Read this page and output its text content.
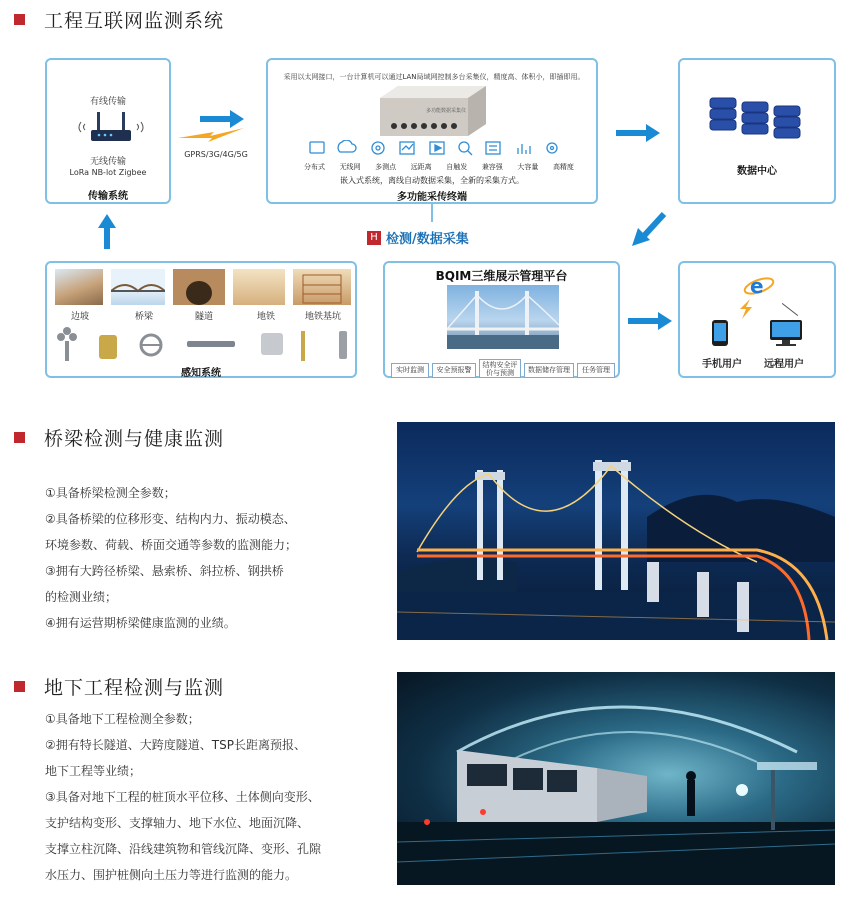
工程互联网监测系统
有线传输
无线传输
LoRa NB-lot Zigbee
传输系统
GPRS/3G/4G/5G
采用以太网接口，一台计算机可以通过LAN局域网控制多台采集仪，精度高、体积小，即插即用。
多功能数据采集仪
分布式 无线网 多测点 远距离 自触发 兼容强 大容量 高精度
嵌入式系统，离线自动数据采集，全新的采集方式。
多功能采传终端
数据中心
H 检测/数据采集
边坡	桥梁	隧道	地铁	地铁基坑
感知系统
BQIM三维展示管理平台
实时监测	安全预报警
结构安全评价与预测	数据储存管理	任务管理
e
手机用户 远程用户
桥梁检测与健康监测
①具备桥梁检测全参数；
②具备桥梁的位移形变、结构内力、振动模态、
环境参数、荷载、桥面交通等参数的监测能力；
③拥有大跨径桥梁、悬索桥、斜拉桥、钢拱桥
的检测业绩；
④拥有运营期桥梁健康监测的业绩。
地下工程检测与监测
①具备地下工程检测全参数；
②拥有特长隧道、大跨度隧道、TSP长距离预报、
地下工程等业绩；
③具备对地下工程的桩顶水平位移、土体侧向变形、
支护结构变形、支撑轴力、地下水位、地面沉降、
支撑立柱沉降、沿线建筑物和管线沉降、变形、孔隙
水压力、围护桩侧向土压力等进行监测的能力。
